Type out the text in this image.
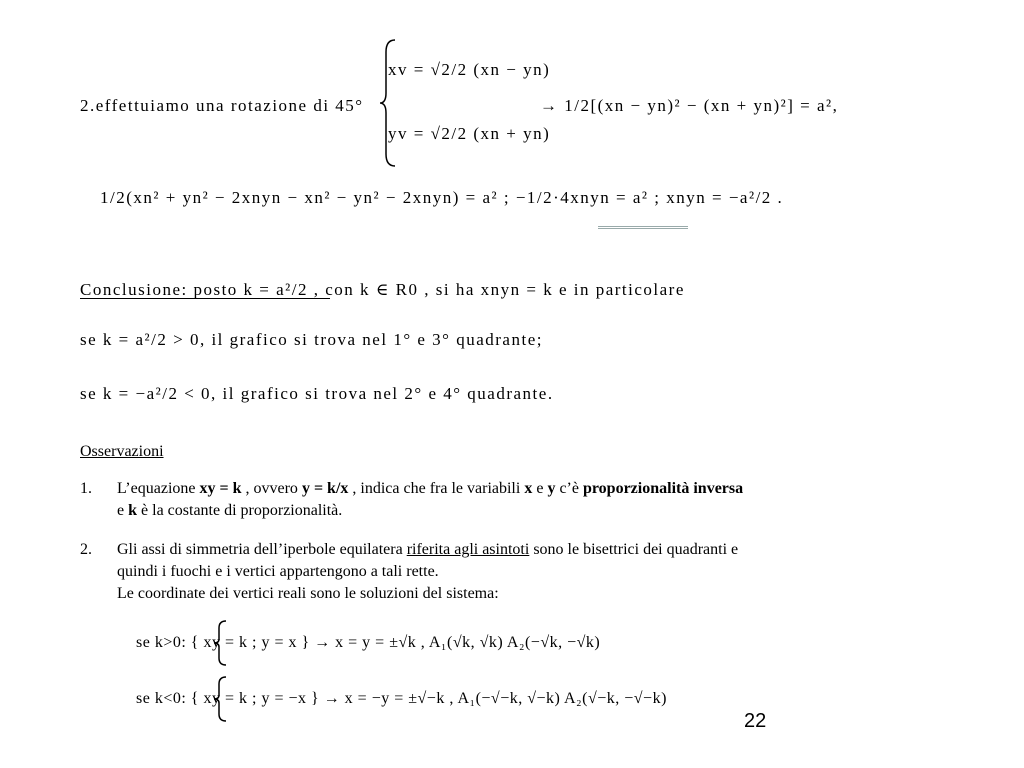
2.effettuiamo una rotazione di 45°
xv = √2/2 (xn − yn)
yv = √2/2 (xn + yn)
→ 1/2[(xn − yn)² − (xn + yn)²] = a²,
1/2(xn² + yn² − 2xnyn − xn² − yn² − 2xnyn) = a² ; −1/2·4xnyn = a² ; xnyn = −a²/2 .
Conclusione: posto k = a²/2 , con k ∈ R0 , si ha xnyn = k e in particolare
se k = a²/2 > 0, il grafico si trova nel 1° e 3° quadrante;
se k = −a²/2 < 0, il grafico si trova nel 2° e 4° quadrante.
Osservazioni
1. L’equazione xy = k , ovvero y = k/x , indica che fra le variabili x e y c’è proporzionalità inversa
e k è la costante di proporzionalità.
2. Gli assi di simmetria dell’iperbole equilatera riferita agli asintoti sono le bisettrici dei quadranti e
quindi i fuochi e i vertici appartengono a tali rette.
Le coordinate dei vertici reali sono le soluzioni del sistema:
se k>0: { xy = k ; y = x } → x = y = ±√k , A₁(√k, √k) A₂(−√k, −√k)
se k<0: { xy = k ; y = −x } → x = −y = ±√−k , A₁(−√−k, √−k) A₂(√−k, −√−k)
22
